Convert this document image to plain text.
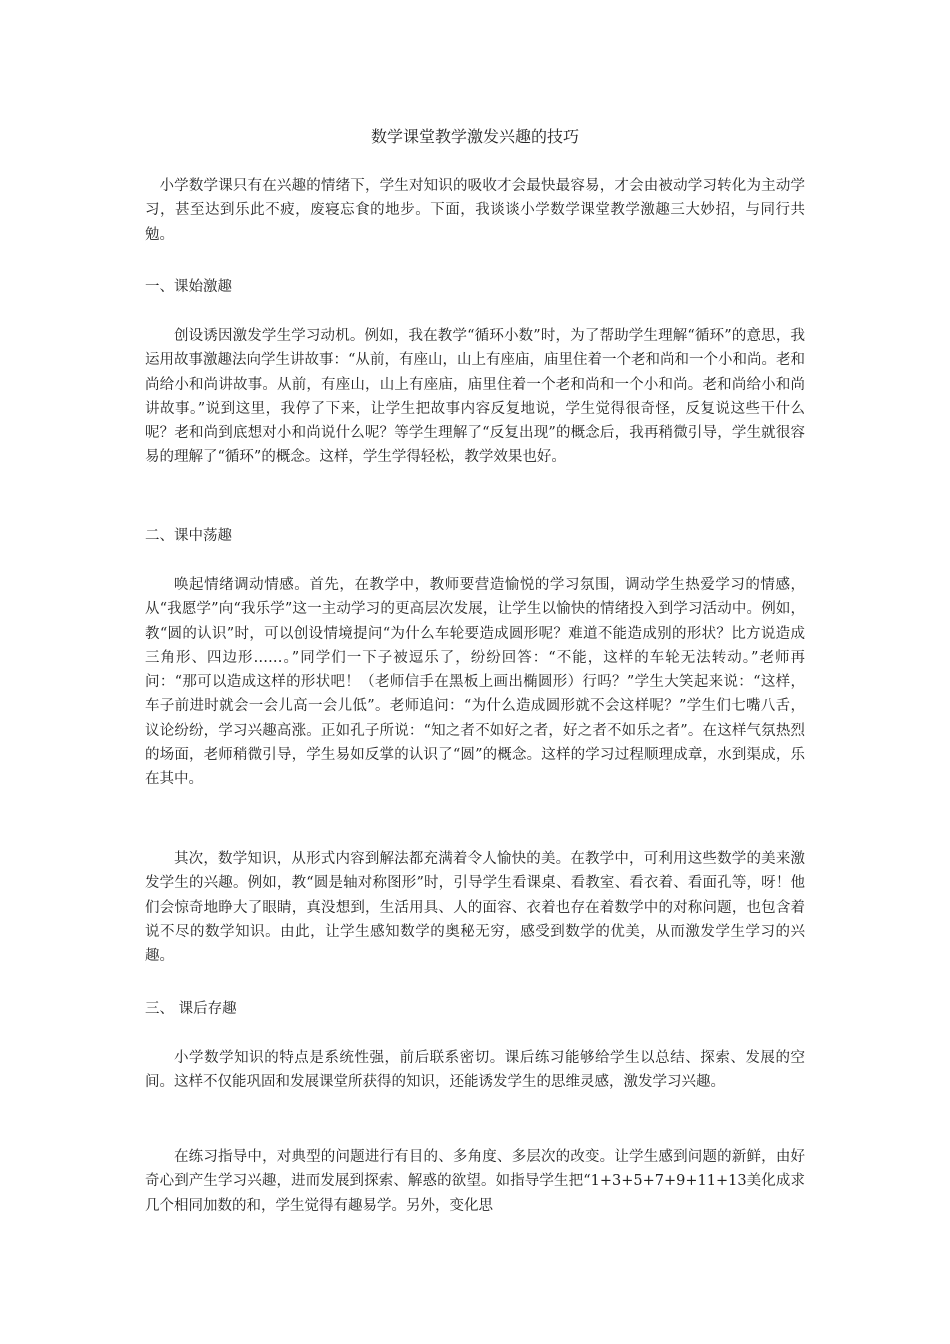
数学课堂教学激发兴趣的技巧

小学数学课只有在兴趣的情绪下，学生对知识的吸收才会最快最容易，才会由被动学习转化为主动学习，甚至达到乐此不疲，废寝忘食的地步。下面，我谈谈小学数学课堂教学激趣三大妙招，与同行共勉。

一、课始激趣

创设诱因激发学生学习动机。例如，我在教学“循环小数”时，为了帮助学生理解“循环”的意思，我运用故事激趣法向学生讲故事：“从前，有座山，山上有座庙，庙里住着一个老和尚和一个小和尚。老和尚给小和尚讲故事。从前，有座山，山上有座庙，庙里住着一个老和尚和一个小和尚。老和尚给小和尚讲故事。”说到这里，我停了下来，让学生把故事内容反复地说，学生觉得很奇怪，反复说这些干什么呢？老和尚到底想对小和尚说什么呢？等学生理解了“反复出现”的概念后，我再稍微引导，学生就很容易的理解了“循环”的概念。这样，学生学得轻松，教学效果也好。

二、课中荡趣

唤起情绪调动情感。首先，在教学中，教师要营造愉悦的学习氛围，调动学生热爱学习的情感，从“我愿学”向“我乐学”这一主动学习的更高层次发展，让学生以愉快的情绪投入到学习活动中。例如，教“圆的认识”时，可以创设情境提问“为什么车轮要造成圆形呢？难道不能造成别的形状？比方说造成三角形、四边形……。”同学们一下子被逗乐了，纷纷回答：“不能，这样的车轮无法转动。”老师再问：“那可以造成这样的形状吧！（老师信手在黑板上画出椭圆形）行吗？”学生大笑起来说：“这样，车子前进时就会一会儿高一会儿低”。老师追问：“为什么造成圆形就不会这样呢？”学生们七嘴八舌，议论纷纷，学习兴趣高涨。正如孔子所说：“知之者不如好之者，好之者不如乐之者”。在这样气氛热烈的场面，老师稍微引导，学生易如反掌的认识了“圆”的概念。这样的学习过程顺理成章，水到渠成，乐在其中。

其次，数学知识，从形式内容到解法都充满着令人愉快的美。在教学中，可利用这些数学的美来激发学生的兴趣。例如，教“圆是轴对称图形”时，引导学生看课桌、看教室、看衣着、看面孔等，呀！他们会惊奇地睁大了眼睛，真没想到，生活用具、人的面容、衣着也存在着数学中的对称问题，也包含着说不尽的数学知识。由此，让学生感知数学的奥秘无穷，感受到数学的优美，从而激发学生学习的兴趣。

三、 课后存趣

小学数学知识的特点是系统性强，前后联系密切。课后练习能够给学生以总结、探索、发展的空间。这样不仅能巩固和发展课堂所获得的知识，还能诱发学生的思维灵感，激发学习兴趣。

在练习指导中，对典型的问题进行有目的、多角度、多层次的改变。让学生感到问题的新鲜，由好奇心到产生学习兴趣，进而发展到探索、解惑的欲望。如指导学生把“1+3+5+7+9+11+13美化成求几个相同加数的和，学生觉得有趣易学。另外，变化思
